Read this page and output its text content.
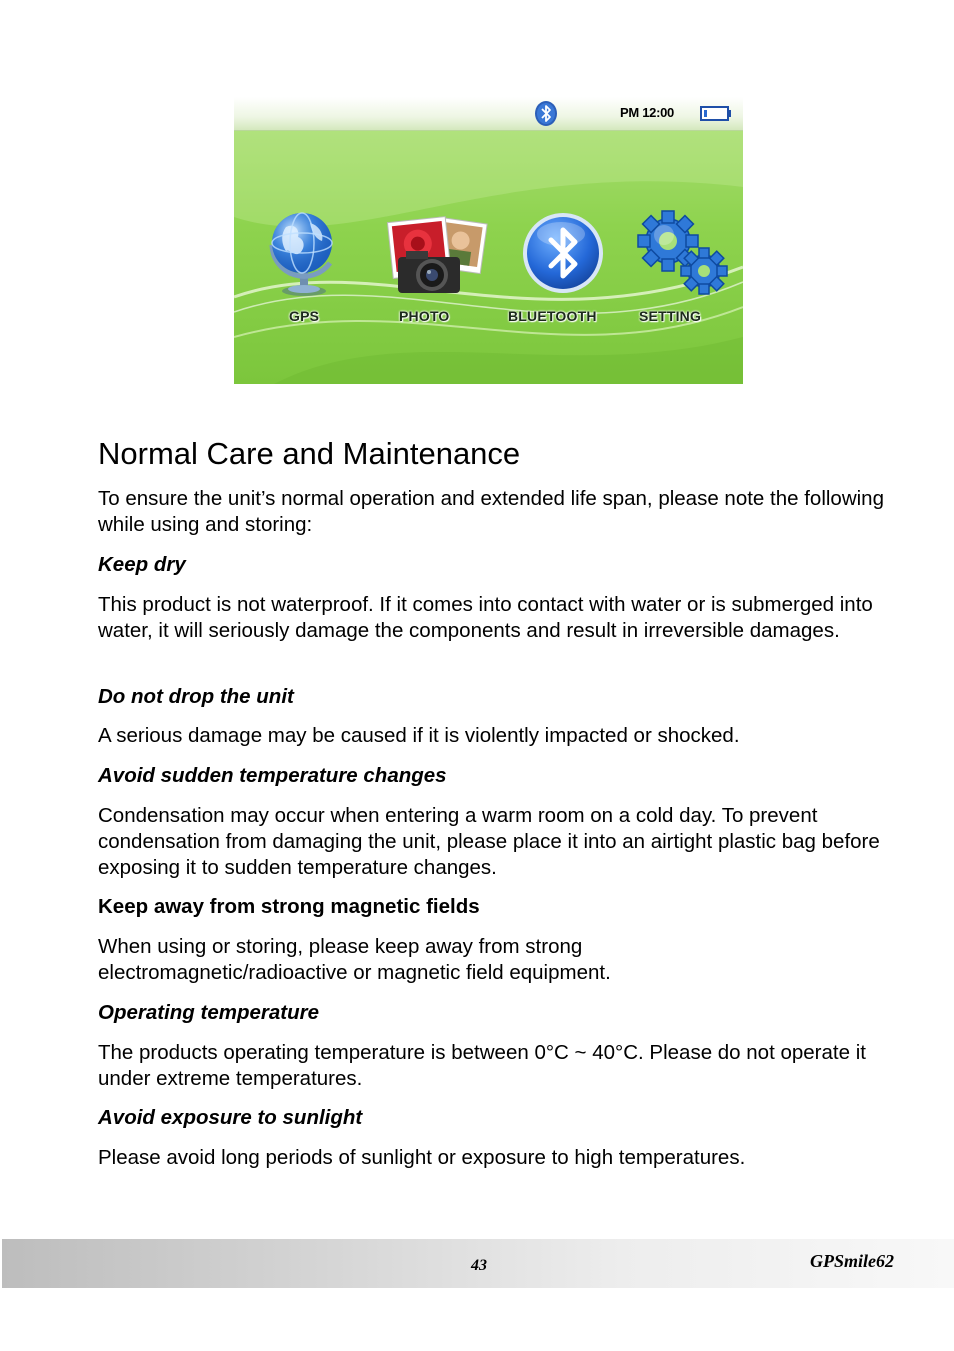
PM 12:00
GPS	PHOTO	BLUETOOTH	SETTING
Normal Care and Maintenance

To ensure the unit’s normal operation and extended life span, please note the following while using and storing:

Keep dry

This product is not waterproof. If it comes into contact with water or is submerged into water, it will seriously damage the components and result in irreversible damages.

Do not drop the unit

A serious damage may be caused if it is violently impacted or shocked.

Avoid sudden temperature changes

Condensation may occur when entering a warm room on a cold day. To prevent condensation from damaging the unit, please place it into an airtight plastic bag before exposing it to sudden temperature changes.

Keep away from strong magnetic fields

When using or storing, please keep away from strong electromagnetic/radioactive or magnetic field equipment.

Operating temperature

The products operating temperature is between 0°C ~ 40°C. Please do not operate it under extreme temperatures.

Avoid exposure to sunlight

Please avoid long periods of sunlight or exposure to high temperatures.

43	GPSmile62
